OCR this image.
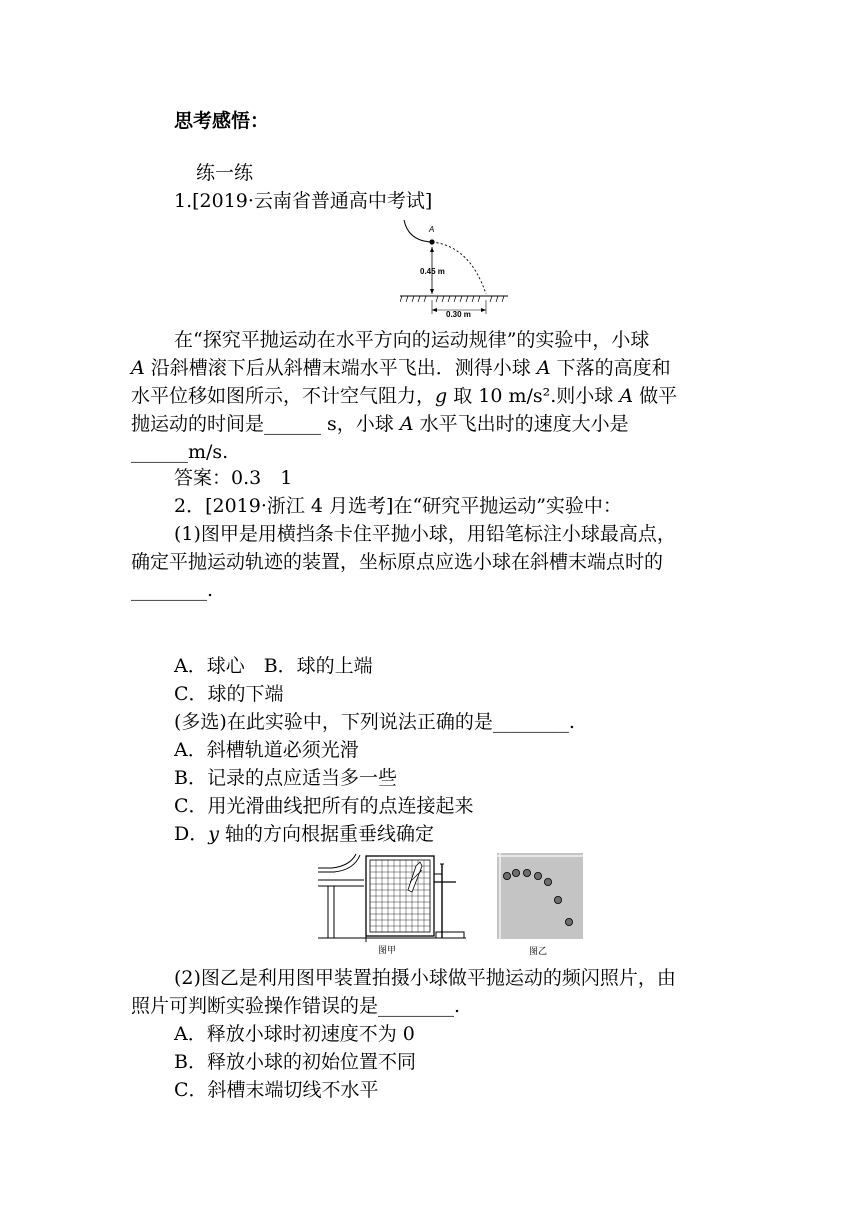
思考感悟：
练一练
1.[2019·云南省普通高中考试]
A
0.45 m
0.30 m
在“探究平抛运动在水平方向的运动规律”的实验中，小球
A 沿斜槽滚下后从斜槽末端水平飞出．测得小球 A 下落的高度和
水平位移如图所示，不计空气阻力，g 取 10 m/s².则小球 A 做平
抛运动的时间是______ s，小球 A 水平飞出时的速度大小是
______m/s.
答案：0.3　1
2．[2019·浙江 4 月选考]在“研究平抛运动”实验中：
(1)图甲是用横挡条卡住平抛小球，用铅笔标注小球最高点，
确定平抛运动轨迹的装置，坐标原点应选小球在斜槽末端点时的
________.
A．球心　B．球的上端
C．球的下端
(多选)在此实验中，下列说法正确的是________.
A．斜槽轨道必须光滑
B．记录的点应适当多一些
C．用光滑曲线把所有的点连接起来
D．y 轴的方向根据重垂线确定
图甲	图乙
(2)图乙是利用图甲装置拍摄小球做平抛运动的频闪照片，由
照片可判断实验操作错误的是________.
A．释放小球时初速度不为 0
B．释放小球的初始位置不同
C．斜槽末端切线不水平
